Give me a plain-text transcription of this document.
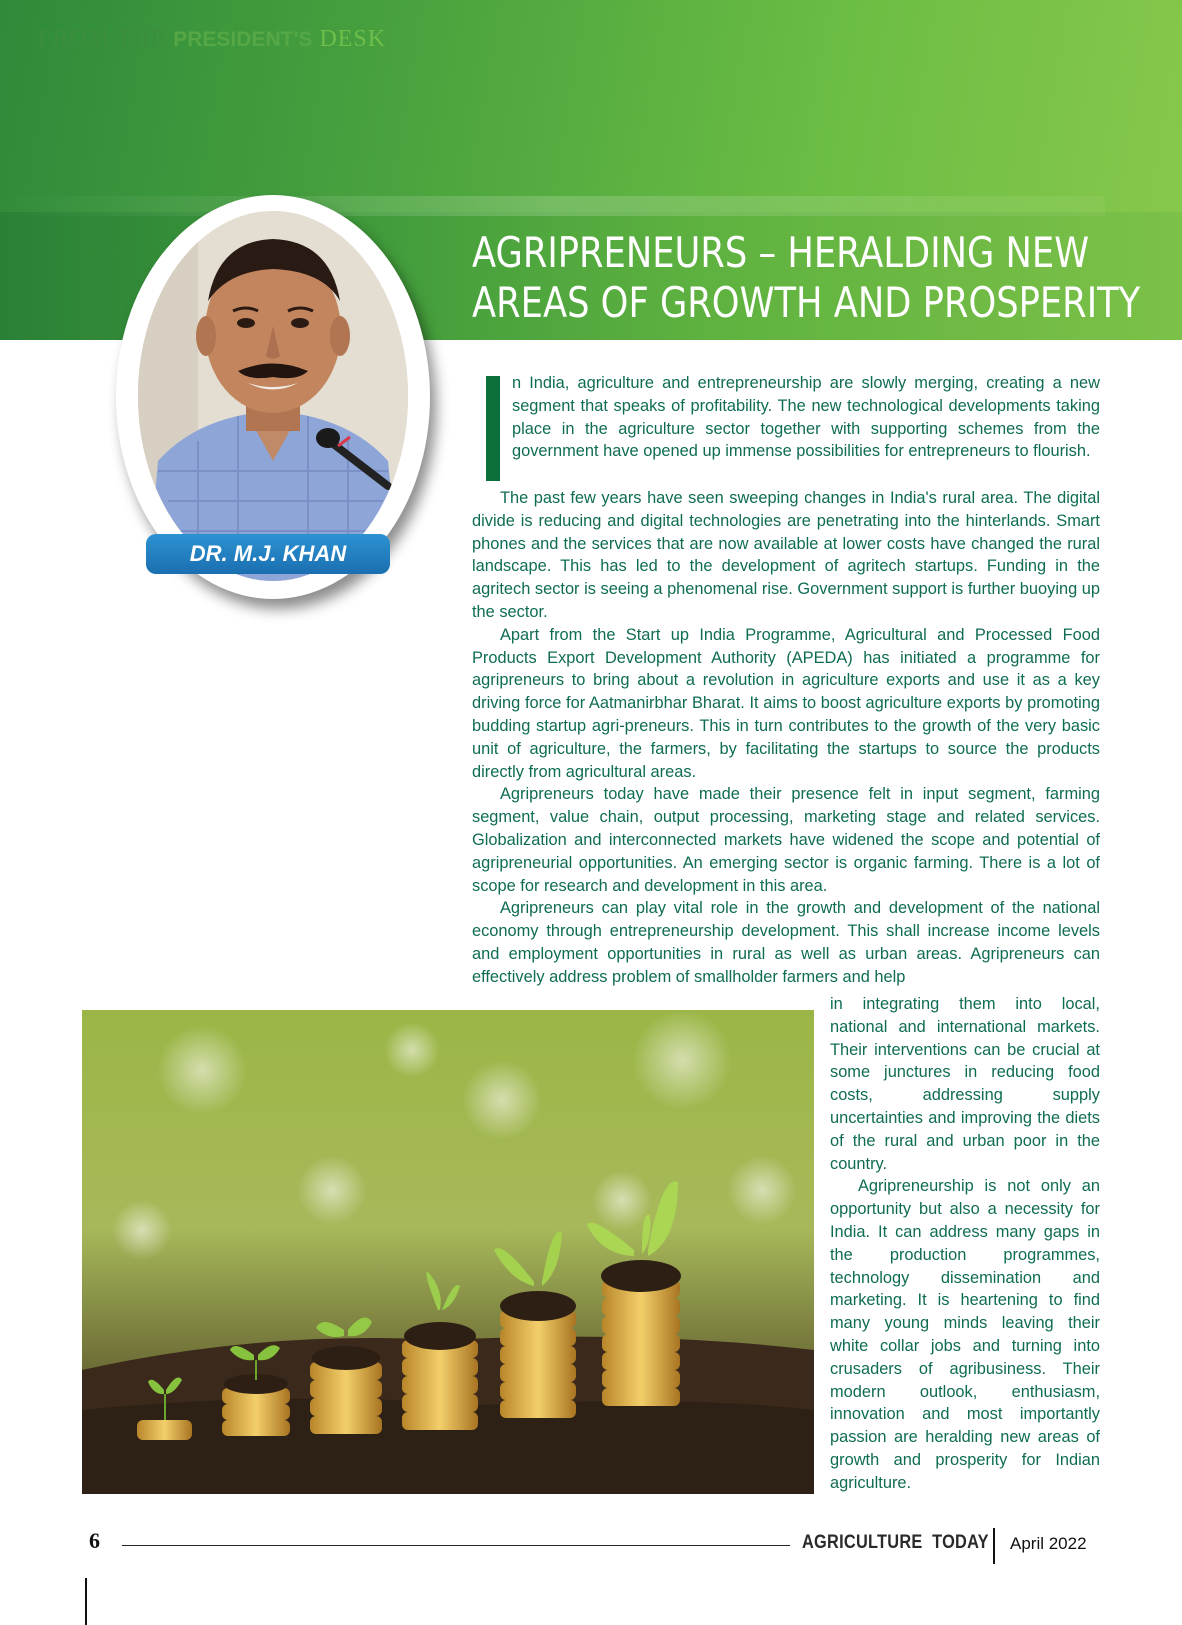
FROM THE PRESIDENT'S DESK
AGRIPRENEURS – HERALDING NEW
AREAS OF GROWTH AND PROSPERITY
DR. M.J. KHAN

n India, agriculture and entrepreneurship are slowly merging, creating a new segment that speaks of profitability. The new technological developments taking place in the agriculture sector together with supporting schemes from the government have opened up immense possibilities for entrepreneurs to flourish.

The past few years have seen sweeping changes in India's rural area. The digital divide is reducing and digital technologies are penetrating into the hinterlands. Smart phones and the services that are now available at lower costs have changed the rural landscape. This has led to the development of agritech startups. Funding in the agritech sector is seeing a phenomenal rise. Government support is further buoying up the sector.

Apart from the Start up India Programme, Agricultural and Processed Food Products Export Development Authority (APEDA) has initiated a programme for agripreneurs to bring about a revolution in agriculture exports and use it as a key driving force for Aatmanirbhar Bharat. It aims to boost agriculture exports by promoting budding startup agri-preneurs. This in turn contributes to the growth of the very basic unit of agriculture, the farmers, by facilitating the startups to source the products directly from agricultural areas.

Agripreneurs today have made their presence felt in input segment, farming segment, value chain, output processing, marketing stage and related services. Globalization and interconnected markets have widened the scope and potential of agripreneurial opportunities. An emerging sector is organic farming. There is a lot of scope for research and development in this area.

Agripreneurs can play vital role in the growth and development of the national economy through entrepreneurship development. This shall increase income levels and employment opportunities in rural as well as urban areas. Agripreneurs can effectively address problem of smallholder farmers and help

in integrating them into local, national and international markets. Their interventions can be crucial at some junctures in reducing food costs, addressing supply uncertainties and improving the diets of the rural and urban poor in the country.

Agripreneurship is not only an opportunity but also a necessity for India. It can address many gaps in the production programmes, technology dissemination and marketing. It is heartening to find many young minds leaving their white collar jobs and turning into crusaders of agribusiness. Their modern outlook, enthusiasm, innovation and most importantly passion are heralding new areas of growth and prosperity for Indian agriculture.

6	AGRICULTURE  TODAY April 2022
